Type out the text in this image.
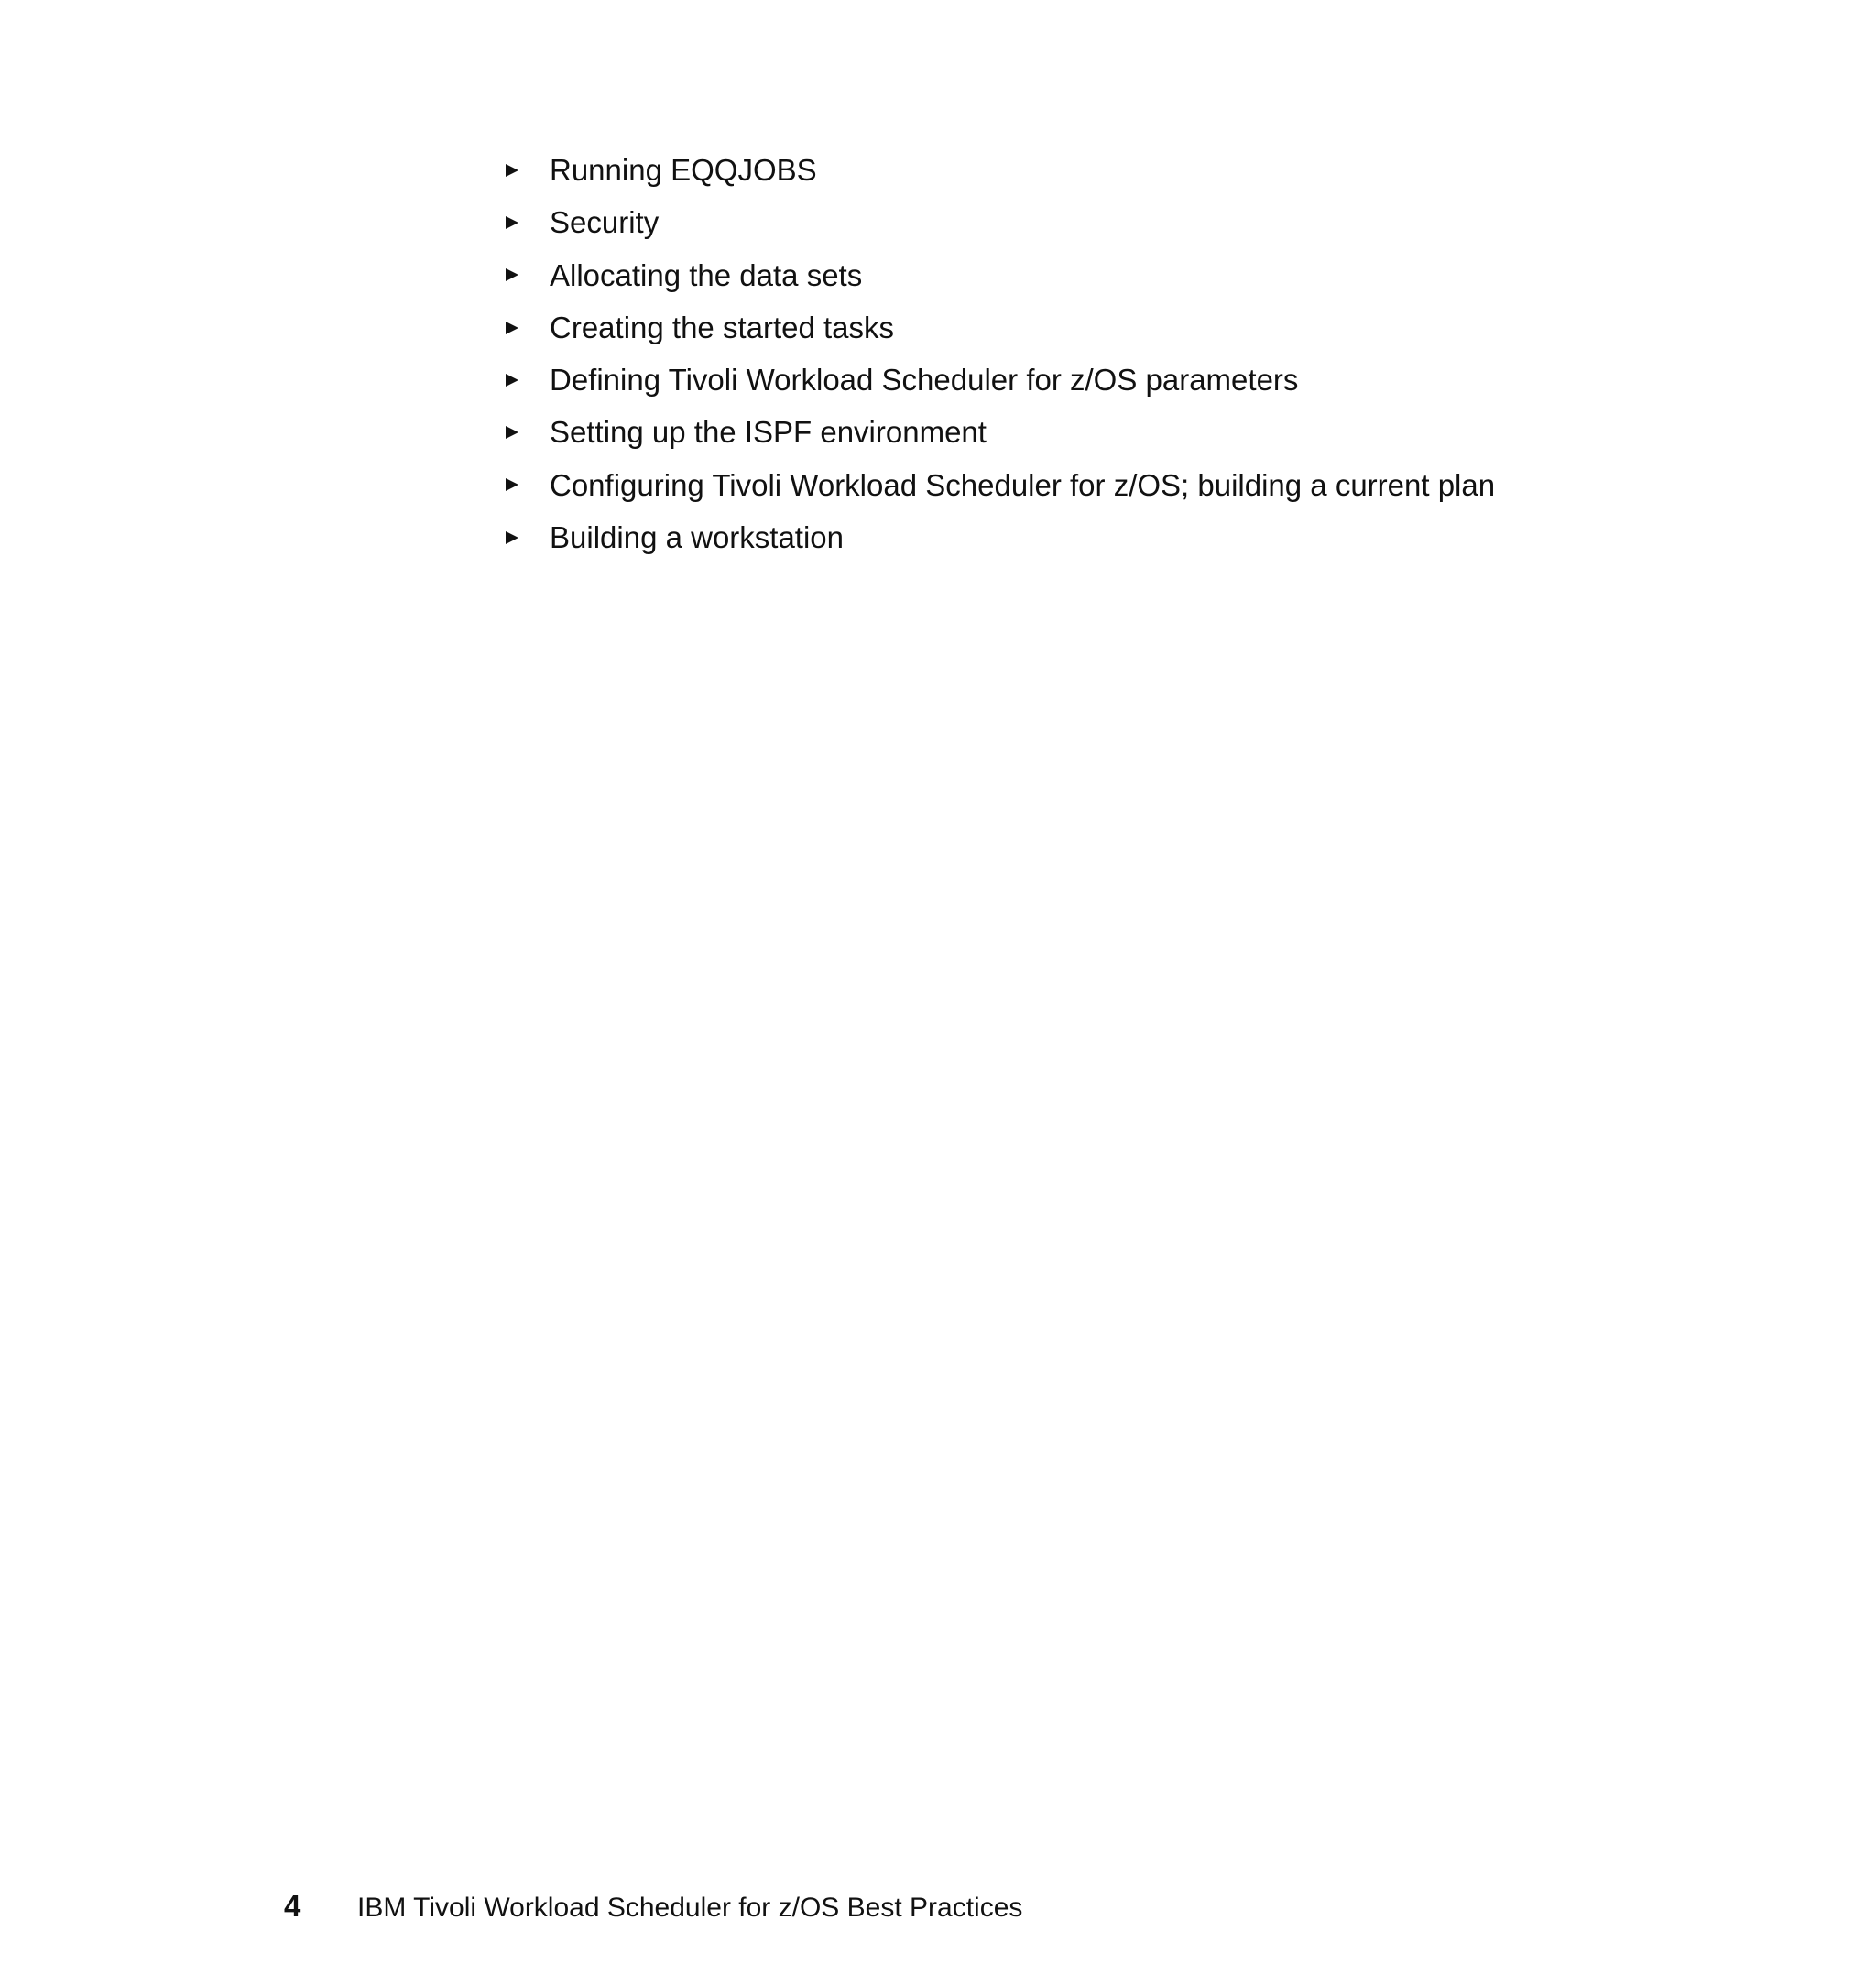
Running EQQJOBS
Security
Allocating the data sets
Creating the started tasks
Defining Tivoli Workload Scheduler for z/OS parameters
Setting up the ISPF environment
Configuring Tivoli Workload Scheduler for z/OS; building a current plan
Building a workstation
4	IBM Tivoli Workload Scheduler for z/OS Best Practices
